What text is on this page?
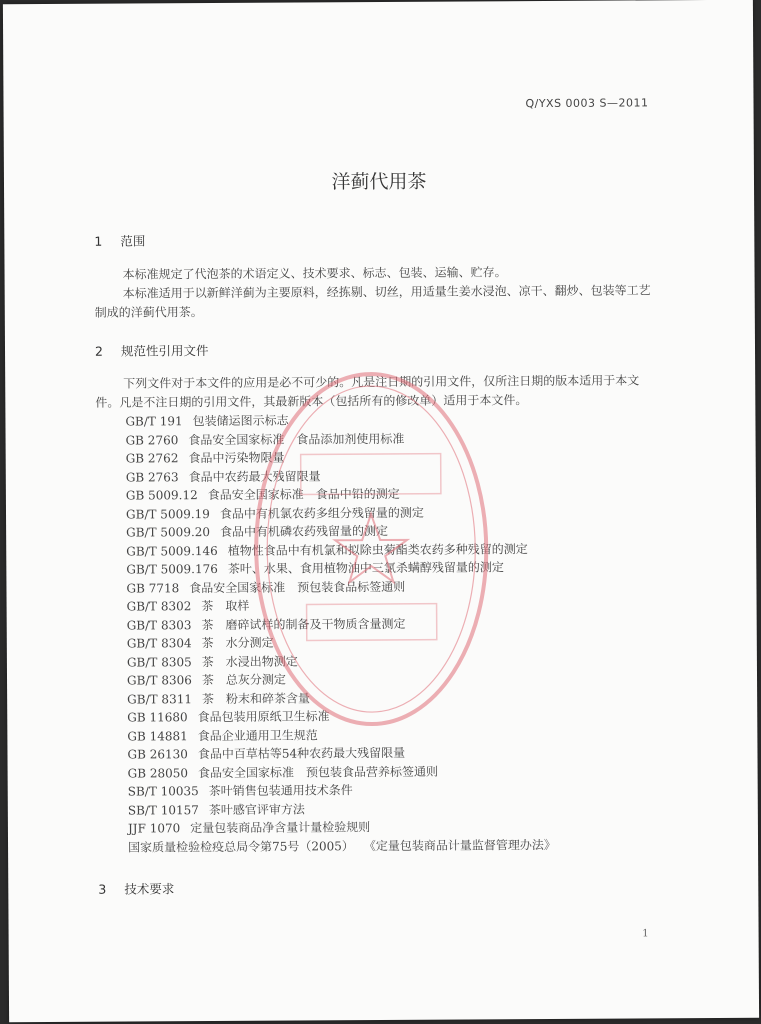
Q/YXS 0003 S—2011
洋蓟代用茶
1 范围

本标准规定了代泡茶的术语定义、技术要求、标志、包装、运输、贮存。

本标准适用于以新鲜洋蓟为主要原料，经拣剔、切丝，用适量生姜水浸泡、凉干、翻炒、包装等工艺制成的洋蓟代用茶。

2 规范性引用文件

下列文件对于本文件的应用是必不可少的。凡是注日期的引用文件，仅所注日期的版本适用于本文件。凡是不注日期的引用文件，其最新版本（包括所有的修改单）适用于本文件。

GB/T 191 包装储运图示标志
GB 2760 食品安全国家标准　食品添加剂使用标准
GB 2762 食品中污染物限量
GB 2763 食品中农药最大残留限量
GB 5009.12 食品安全国家标准　食品中铅的测定
GB/T 5009.19 食品中有机氯农药多组分残留量的测定
GB/T 5009.20 食品中有机磷农药残留量的测定
GB/T 5009.146 植物性食品中有机氯和拟除虫菊酯类农药多种残留的测定
GB/T 5009.176 茶叶、水果、食用植物油中三氯杀螨醇残留量的测定
GB 7718 食品安全国家标准　预包装食品标签通则
GB/T 8302 茶　取样
GB/T 8303 茶　磨碎试样的制备及干物质含量测定
GB/T 8304 茶　水分测定
GB/T 8305 茶　水浸出物测定
GB/T 8306 茶　总灰分测定
GB/T 8311 茶　粉末和碎茶含量
GB 11680 食品包装用原纸卫生标准
GB 14881 食品企业通用卫生规范
GB 26130 食品中百草枯等54种农药最大残留限量
GB 28050 食品安全国家标准　预包装食品营养标签通则
SB/T 10035 茶叶销售包装通用技术条件
SB/T 10157 茶叶感官评审方法
JJF 1070 定量包装商品净含量计量检验规则
国家质量检验检疫总局令第75号（2005） 《定量包装商品计量监督管理办法》
3 技术要求
1
